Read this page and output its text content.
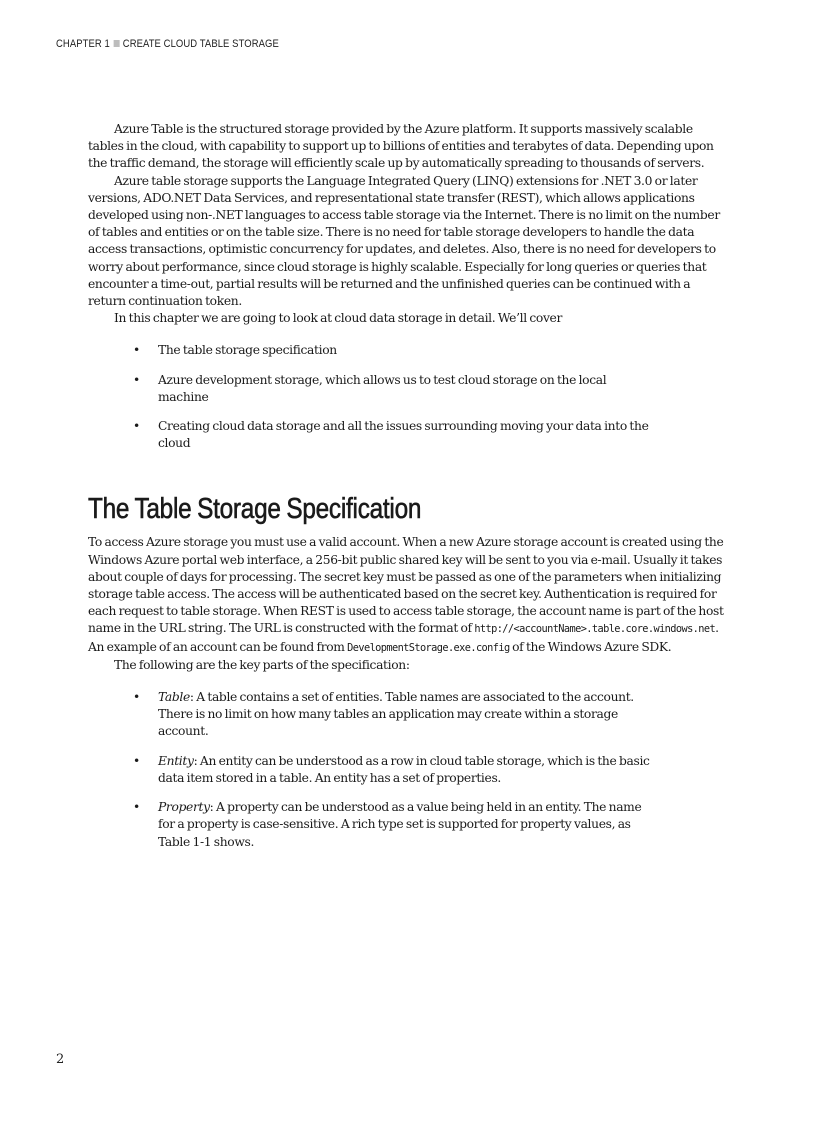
CHAPTER 1 CREATE CLOUD TABLE STORAGE

Azure Table is the structured storage provided by the Azure platform. It supports massively scalable tables in the cloud, with capability to support up to billions of entities and terabytes of data. Depending upon the traffic demand, the storage will efficiently scale up by automatically spreading to thousands of servers.

Azure table storage supports the Language Integrated Query (LINQ) extensions for .NET 3.0 or later versions, ADO.NET Data Services, and representational state transfer (REST), which allows applications developed using non-.NET languages to access table storage via the Internet. There is no limit on the number of tables and entities or on the table size. There is no need for table storage developers to handle the data access transactions, optimistic concurrency for updates, and deletes. Also, there is no need for developers to worry about performance, since cloud storage is highly scalable. Especially for long queries or queries that encounter a time-out, partial results will be returned and the unfinished queries can be continued with a return continuation token.

In this chapter we are going to look at cloud data storage in detail. We’ll cover

• The table storage specification
• Azure development storage, which allows us to test cloud storage on the local machine
• Creating cloud data storage and all the issues surrounding moving your data into the cloud
The Table Storage Specification

To access Azure storage you must use a valid account. When a new Azure storage account is created using the Windows Azure portal web interface, a 256-bit public shared key will be sent to you via e-mail. Usually it takes about couple of days for processing. The secret key must be passed as one of the parameters when initializing storage table access. The access will be authenticated based on the secret key. Authentication is required for each request to table storage. When REST is used to access table storage, the account name is part of the host name in the URL string. The URL is constructed with the format of http://<accountName>.table.core.windows.net. An example of an account can be found from DevelopmentStorage.exe.config of the Windows Azure SDK.

The following are the key parts of the specification:

• Table: A table contains a set of entities. Table names are associated to the account. There is no limit on how many tables an application may create within a storage account.
• Entity: An entity can be understood as a row in cloud table storage, which is the basic data item stored in a table. An entity has a set of properties.
• Property: A property can be understood as a value being held in an entity. The name for a property is case-sensitive. A rich type set is supported for property values, as Table 1-1 shows.
2
